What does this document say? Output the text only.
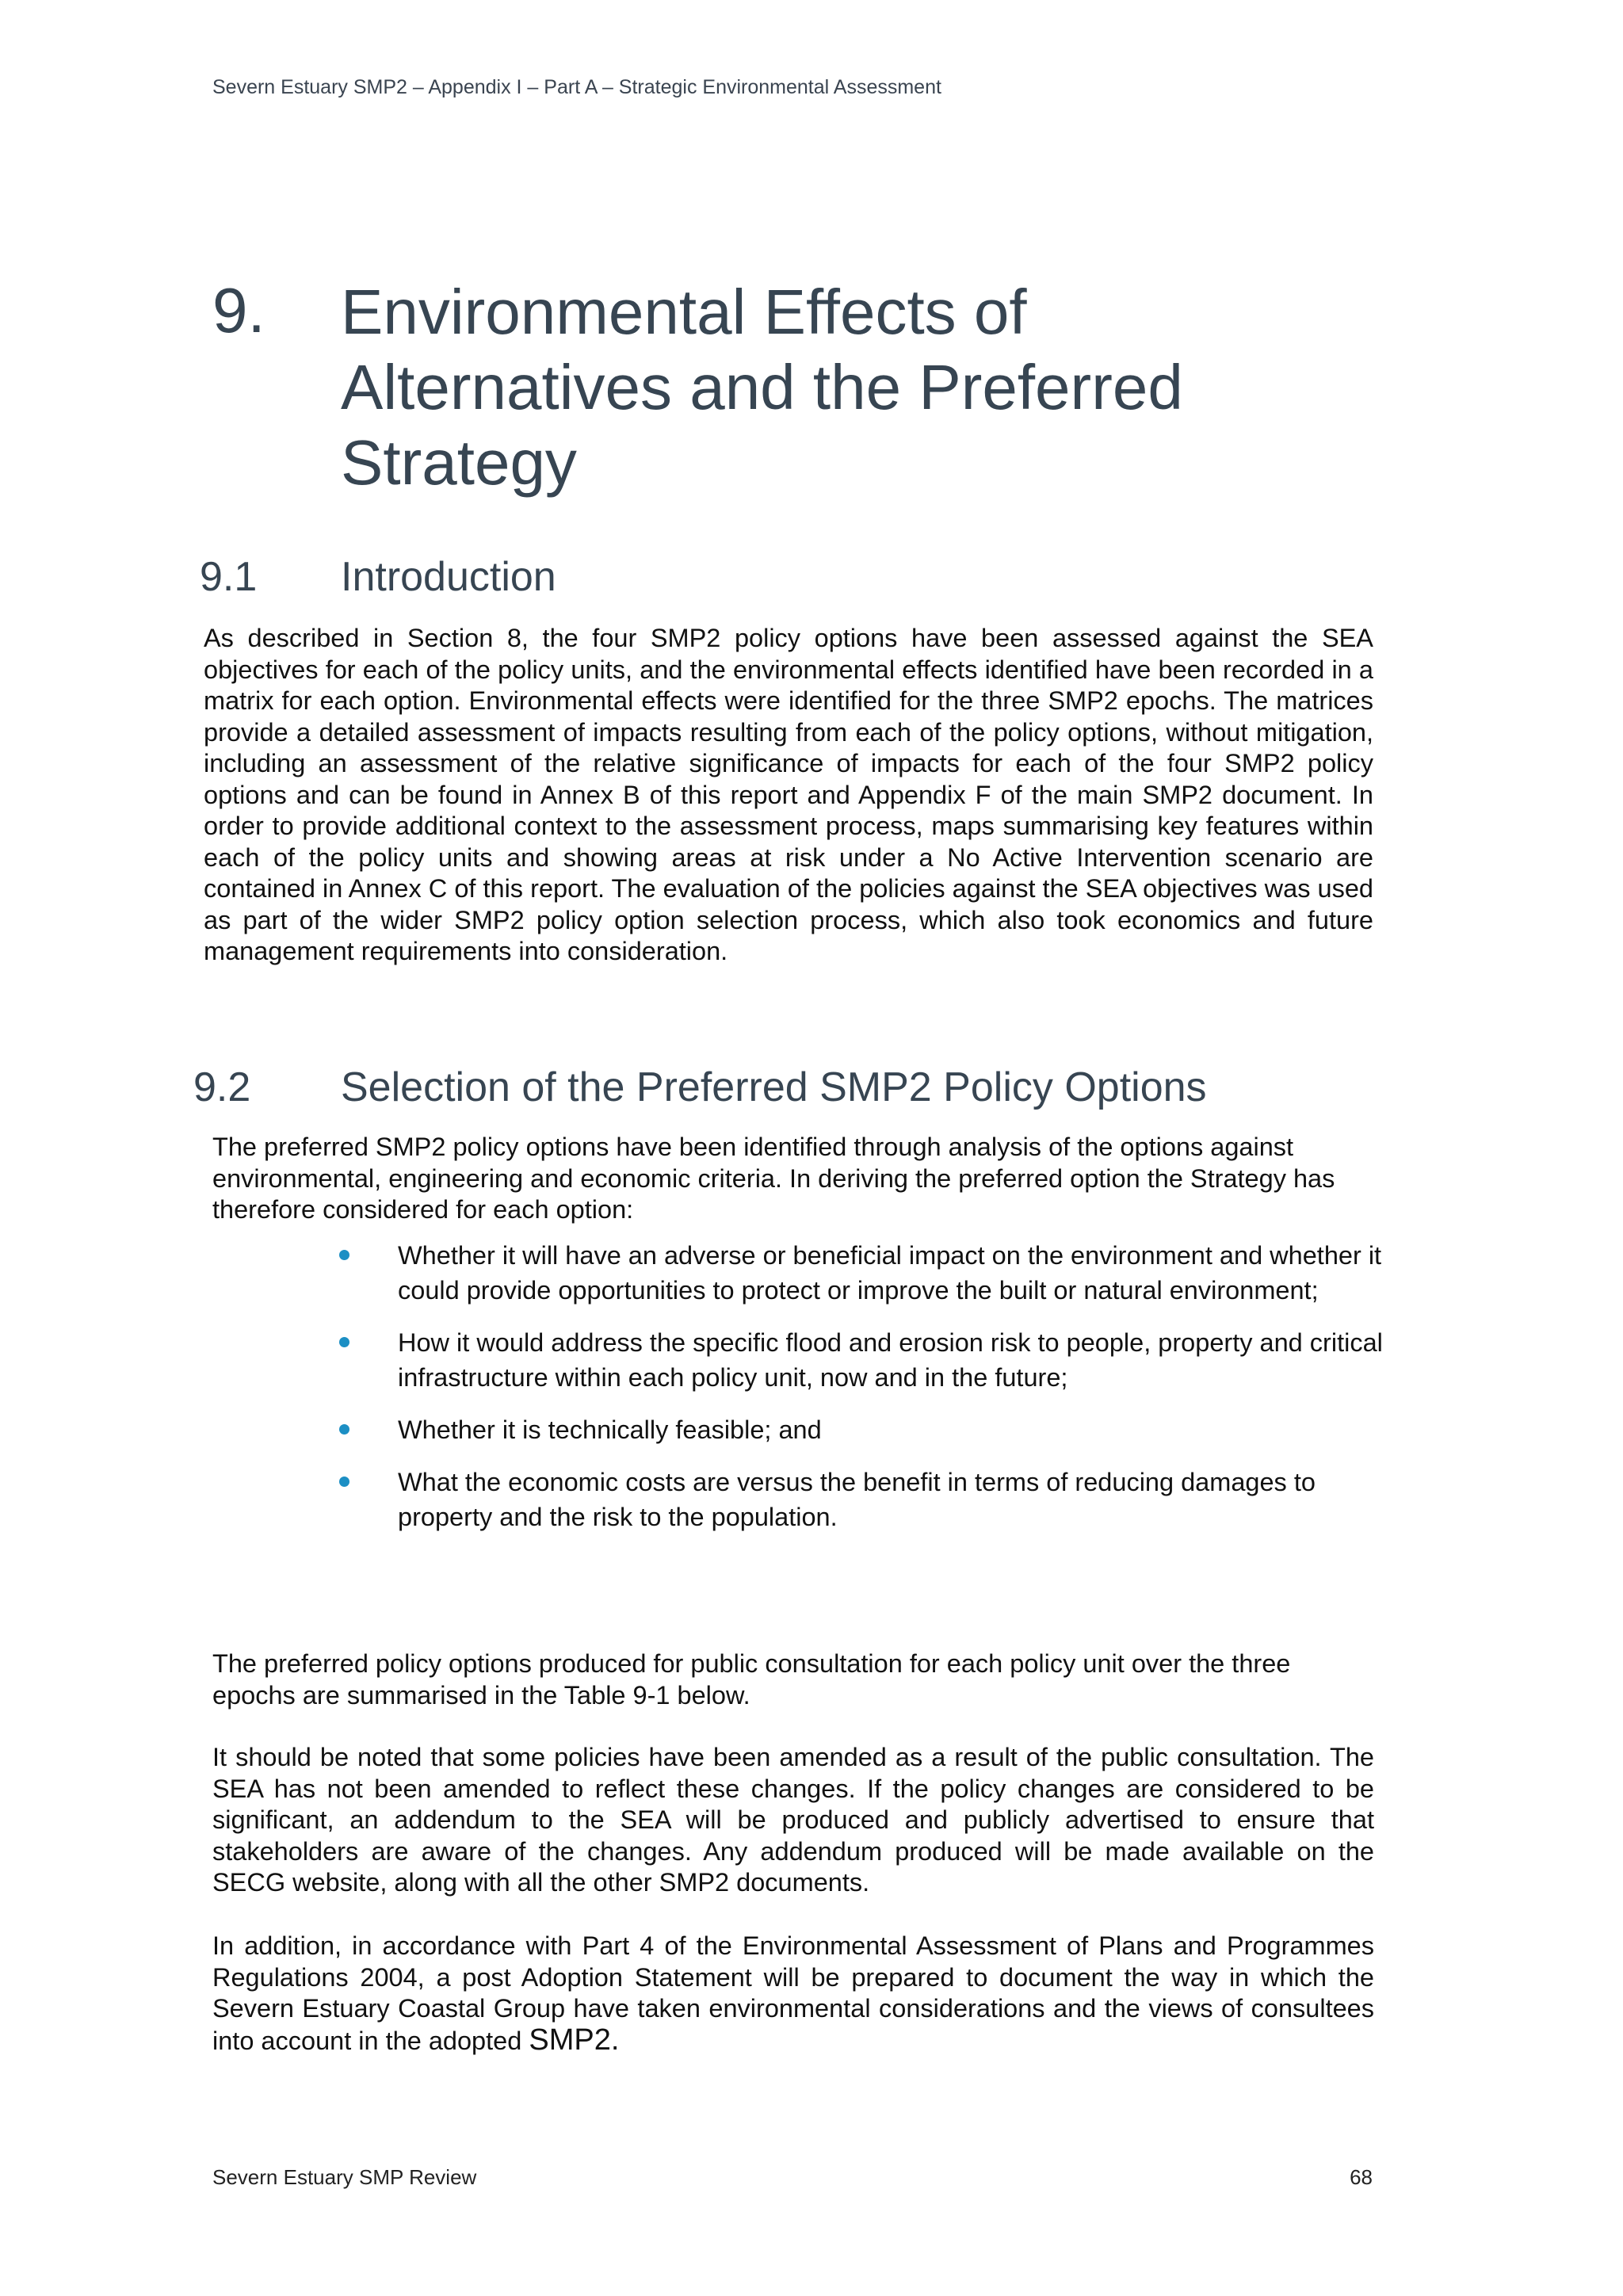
Severn Estuary SMP2 – Appendix I – Part A – Strategic Environmental Assessment
9. Environmental Effects of
Alternatives and the Preferred
Strategy
9.1 Introduction
As described in Section 8, the four SMP2 policy options have been assessed against the SEA objectives for each of the policy units, and the environmental effects identified have been recorded in a matrix for each option. Environmental effects were identified for the three SMP2 epochs. The matrices provide a detailed assessment of impacts resulting from each of the policy options, without mitigation, including an assessment of the relative significance of impacts for each of the four SMP2 policy options and can be found in Annex B of this report and Appendix F of the main SMP2 document. In order to provide additional context to the assessment process, maps summarising key features within each of the policy units and showing areas at risk under a No Active Intervention scenario are contained in Annex C of this report. The evaluation of the policies against the SEA objectives was used as part of the wider SMP2 policy option selection process, which also took economics and future management requirements into consideration.
9.2 Selection of the Preferred SMP2 Policy Options
The preferred SMP2 policy options have been identified through analysis of the options against environmental, engineering and economic criteria. In deriving the preferred option the Strategy has therefore considered for each option:
Whether it will have an adverse or beneficial impact on the environment and whether it could provide opportunities to protect or improve the built or natural environment;
How it would address the specific flood and erosion risk to people, property and critical infrastructure within each policy unit, now and in the future;
Whether it is technically feasible; and
What the economic costs are versus the benefit in terms of reducing damages to property and the risk to the population.
The preferred policy options produced for public consultation for each policy unit over the three epochs are summarised in the Table 9-1 below.
It should be noted that some policies have been amended as a result of the public consultation. The SEA has not been amended to reflect these changes. If the policy changes are considered to be significant, an addendum to the SEA will be produced and publicly advertised to ensure that stakeholders are aware of the changes. Any addendum produced will be made available on the SECG website, along with all the other SMP2 documents.
In addition, in accordance with Part 4 of the Environmental Assessment of Plans and Programmes Regulations 2004, a post Adoption Statement will be prepared to document the way in which the Severn Estuary Coastal Group have taken environmental considerations and the views of consultees into account in the adopted SMP2.
Severn Estuary SMP Review	68
